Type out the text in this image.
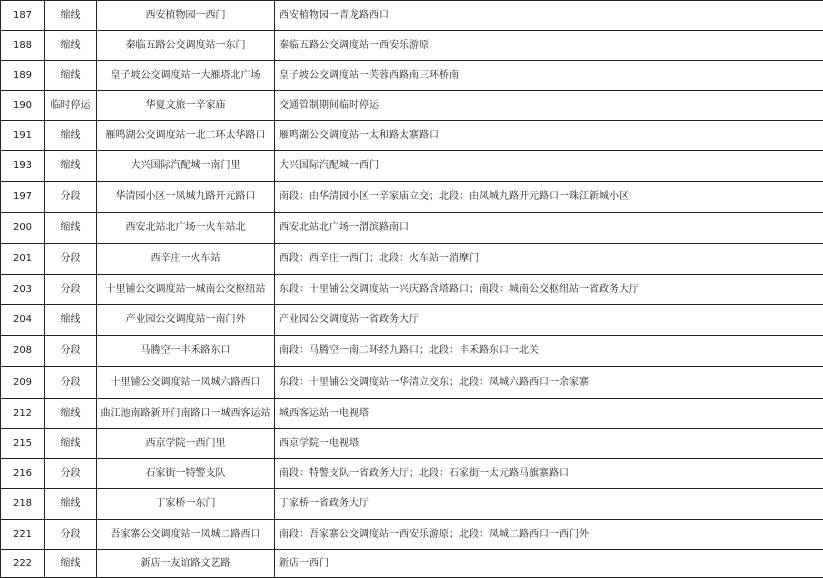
187	缩线	西安植物园一西门	西安植物园一青龙路西口
188	缩线	秦临五路公交调度站一东门	秦临五路公交调度站一西安乐游原
189	缩线	皇子坡公交调度站一大雁塔北广场	皇子坡公交调度站一芙蓉西路南三环桥南
190	临时停运	华夏文旅一辛家庙	交通管制期间临时停运
191	缩线	雁鸣湖公交调度站一北二环太华路口	雁鸣湖公交调度站一太和路太寨路口
193	缩线	大兴国际汽配城一南门里	大兴国际汽配城一西门
197	分段	华清园小区一凤城九路开元路口	南段：由华清园小区一辛家庙立交；北段：由凤城九路开元路口一珠江新城小区
200	缩线	西安北站北广场一火车站北	西安北站北广场一渭滨路南口
201	分段	西辛庄一火车站	西段：西辛庄一西门；北段：火车站一消摩门
203	分段	十里铺公交调度站一城南公交枢纽站	东段：十里铺公交调度站一兴庆路含塔路口；南段：城南公交枢纽站一省政务大厅
204	缩线	产业园公交调度站一南门外	产业园公交调度站一省政务大厅
208	分段	马腾空一丰禾路东口	南段：马腾空一南二环经九路口；北段：丰禾路东口一北关
209	分段	十里铺公交调度站一凤城六路西口	东段：十里铺公交调度站一华清立交东；北段：凤城六路西口一余家寨
212	缩线	曲江池南路新开门南路口一城西客运站	城西客运站一电视塔
215	缩线	西京学院一西门里	西京学院一电视塔
216	分段	石家街一特警支队	南段：特警支队一省政务大厅；北段：石家街一太元路马旗寨路口
218	缩线	丁家桥一东门	丁家桥一省政务大厅
221	分段	吾家寨公交调度站一凤城二路西口	南段：吾家寨公交调度站一西安乐游原；北段：凤城二路西口一西门外
222	缩线	新店一友谊路文艺路	新店一西门
